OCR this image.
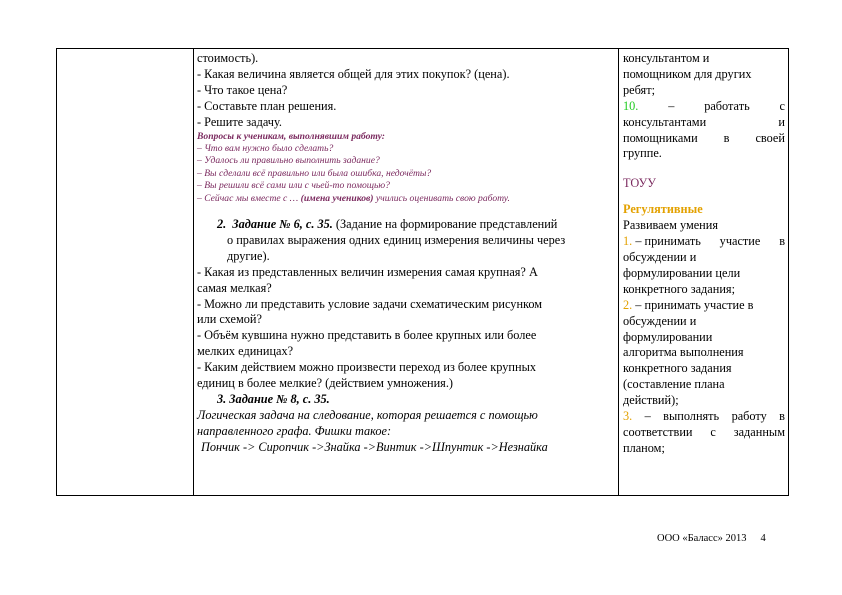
стоимость).
- Какая величина является общей для этих покупок? (цена).
- Что такое цена?
- Составьте план решения.
- Решите задачу.
Вопросы к ученикам, выполнявшим работу:
– Что вам нужно было сделать?
– Удалось ли правильно выполнить задание?
– Вы сделали всё правильно или была ошибка, недочёты?
– Вы решили всё сами или с чьей-то помощью?
– Сейчас мы вместе с … (имена учеников) учились оценивать свою работу.
2. Задание № 6, с. 35. (Задание на формирование представлений
о правилах выражения одних единиц измерения величины через
другие).
- Какая из представленных величин измерения самая крупная? А
самая мелкая?
- Можно ли представить условие задачи схематическим рисунком
или схемой?
- Объём кувшина нужно представить в более крупных или более
мелких единицах?
- Каким действием можно произвести переход из более крупных
единиц в более мелкие? (действием умножения.)
3. Задание № 8, с. 35.
Логическая задача на следование, которая решается с помощью
направленного графа. Фишки такое:
Пончик -> Сиропчик ->Знайка ->Винтик ->Шпунтик ->Незнайка
консультантом и
помощником для других
ребят;
10. – работать с
консультантами	и
помощниками в своей
группе.
ТОУУ
Регулятивные
Развиваем умения
1. – принимать участие в
обсуждении и
формулировании цели
конкретного задания;
2. – принимать участие в
обсуждении и
формулировании
алгоритма выполнения
конкретного задания
(составление плана
действий);
3. – выполнять работу в
соответствии с заданным
планом;
ООО «Баласс» 2013 4
